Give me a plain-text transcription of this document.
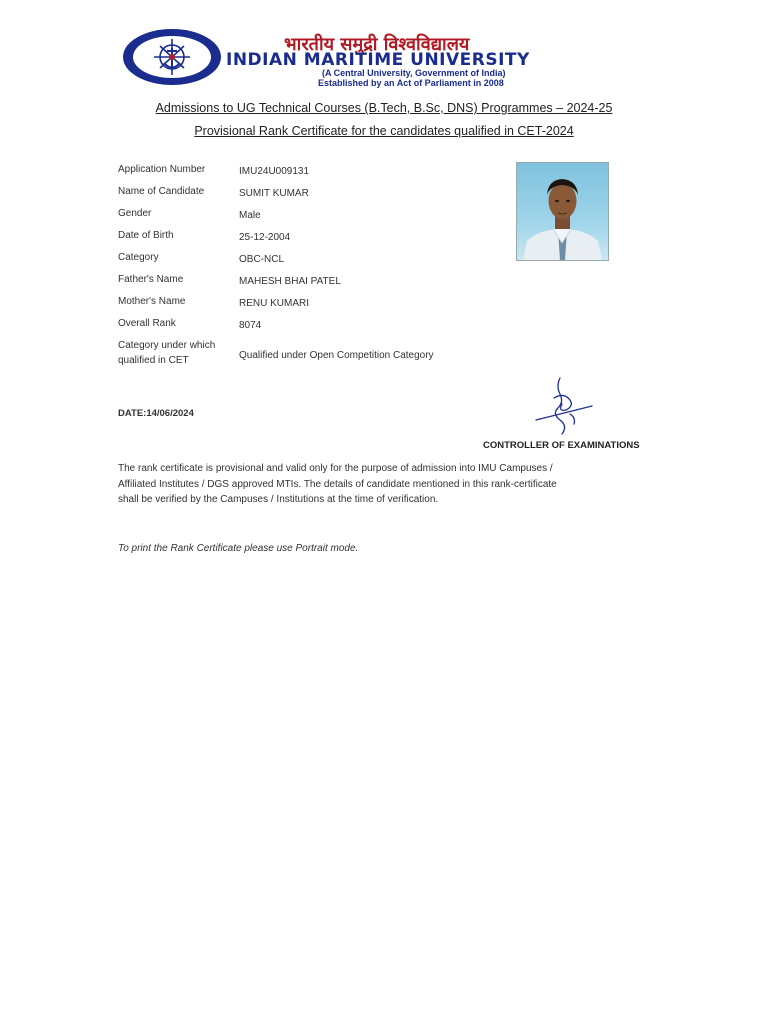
भारतीय समुद्री विश्वविद्यालय
INDIAN MARITIME UNIVERSITY
(A Central University, Government of India)
Established by an Act of Parliament in 2008
Admissions to UG Technical Courses (B.Tech, B.Sc, DNS) Programmes – 2024-25
Provisional Rank Certificate for the candidates qualified in CET-2024
Application Number	IMU24U009131
Name of Candidate	SUMIT KUMAR
Gender	Male
Date of Birth	25-12-2004
Category	OBC-NCL
Father's Name	MAHESH BHAI PATEL
Mother's Name	RENU KUMARI
Overall Rank	8074
Category under which qualified in CET	Qualified under Open Competition Category
DATE:14/06/2024
CONTROLLER OF EXAMINATIONS
The rank certificate is provisional and valid only for the purpose of admission into IMU Campuses / Affiliated Institutes / DGS approved MTIs. The details of candidate mentioned in this rank-certificate shall be verified by the Campuses / Institutions at the time of verification.
To print the Rank Certificate please use Portrait mode.
